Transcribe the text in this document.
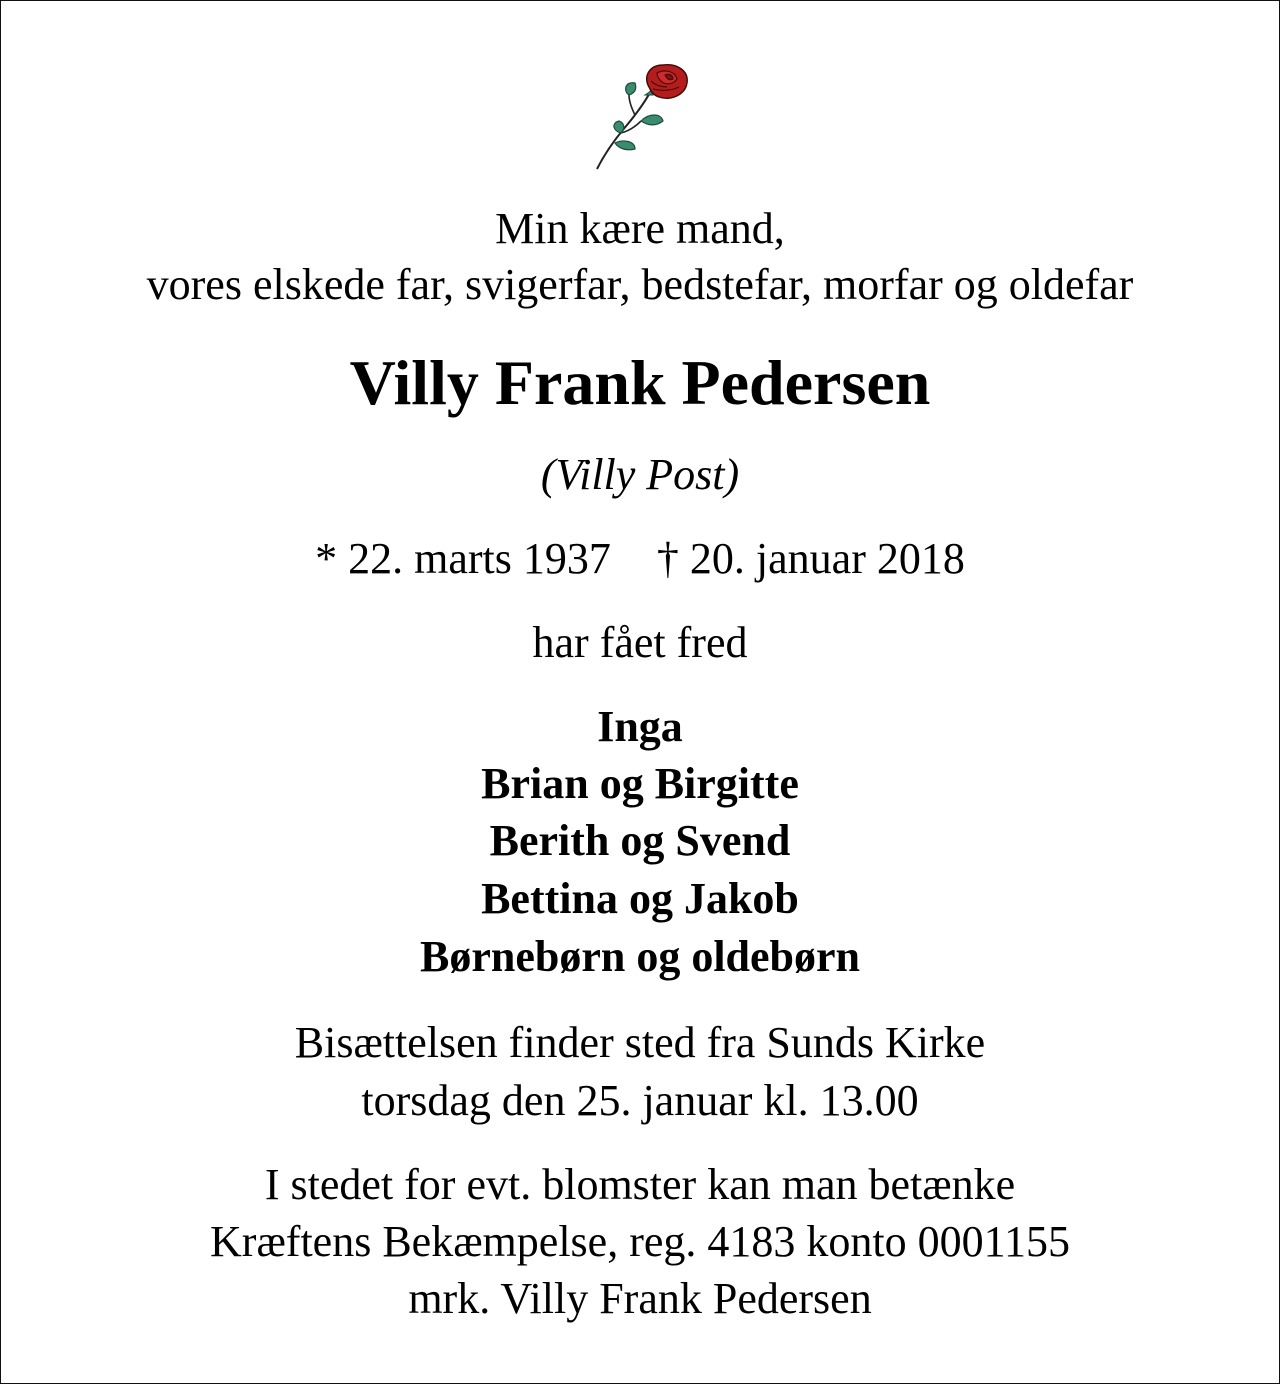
Min kære mand,
vores elskede far, svigerfar, bedstefar, morfar og oldefar
Villy Frank Pedersen
(Villy Post)
* 22. marts 1937 † 20. januar 2018
har fået fred
Inga
Brian og Birgitte
Berith og Svend
Bettina og Jakob
Børnebørn og oldebørn
Bisættelsen finder sted fra Sunds Kirke
torsdag den 25. januar kl. 13.00
I stedet for evt. blomster kan man betænke
Kræftens Bekæmpelse, reg. 4183 konto 0001155
mrk. Villy Frank Pedersen
